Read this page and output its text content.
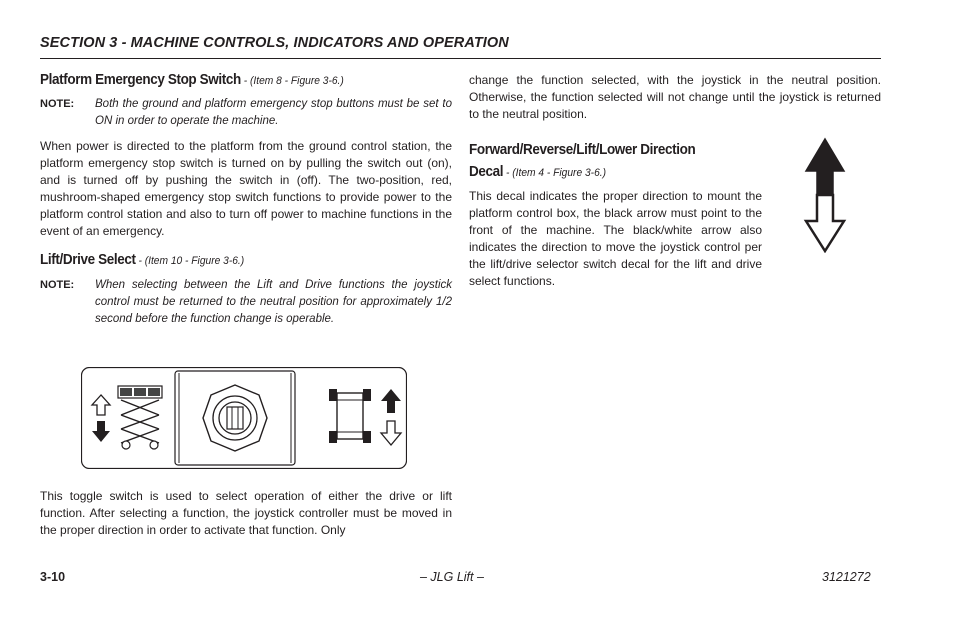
SECTION 3 - MACHINE CONTROLS, INDICATORS AND OPERATION
Platform Emergency Stop Switch - (Item 8 - Figure 3-6.)
NOTE:	Both the ground and platform emergency stop buttons must be set to ON in order to operate the machine.

When power is directed to the platform from the ground control station, the platform emergency stop switch is turned on by pulling the switch out (on), and is turned off by pushing the switch in (off). The two-position, red, mushroom-shaped emergency stop switch functions to provide power to the platform control station and also to turn off power to machine functions in the event of an emergency.

Lift/Drive Select - (Item 10 - Figure 3-6.)
NOTE:	When selecting between the Lift and Drive functions the joystick control must be returned to the neutral position for approximately 1/2 second before the function change is operable.

This toggle switch is used to select operation of either the drive or lift function. After selecting a function, the joystick controller must be moved in the proper direction in order to activate that function. Only

change the function selected, with the joystick in the neutral position. Otherwise, the function selected will not change until the joystick is returned to the neutral position.

Forward/Reverse/Lift/Lower Direction
Decal - (Item 4 - Figure 3-6.)

This decal indicates the proper direction to mount the platform control box, the black arrow must point to the front of the machine. The black/white arrow also indicates the direction to move the joystick control per the lift/drive selector switch decal for the lift and drive select functions.

3-10	– JLG Lift –	3121272
